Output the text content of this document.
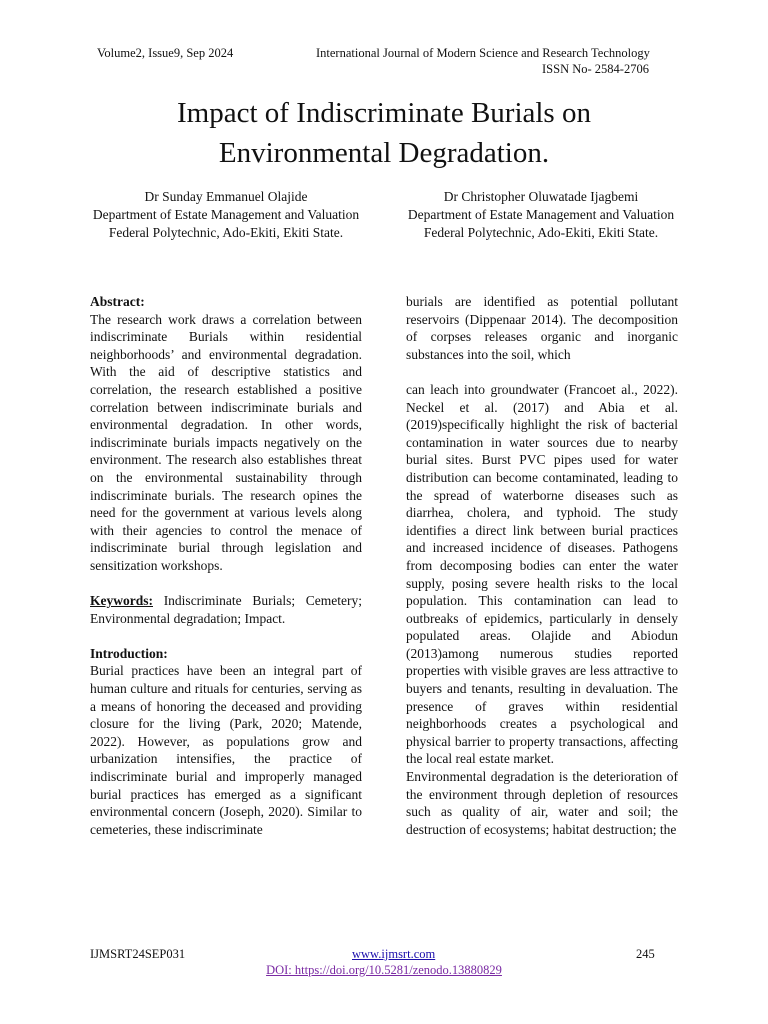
Volume2, Issue9, Sep 2024	International Journal of Modern Science and Research Technology
ISSN No- 2584-2706
Impact of Indiscriminate Burials on
Environmental Degradation.
Dr Sunday Emmanuel Olajide
Department of Estate Management and Valuation
Federal Polytechnic, Ado-Ekiti, Ekiti State.
Dr Christopher Oluwatade Ijagbemi
Department of Estate Management and Valuation
Federal Polytechnic, Ado-Ekiti, Ekiti State.

Abstract:

The research work draws a correlation between indiscriminate Burials within residential neighborhoods’ and environmental degradation. With the aid of descriptive statistics and correlation, the research established a positive correlation between indiscriminate burials and environmental degradation. In other words, indiscriminate burials impacts negatively on the environment. The research also establishes threat on the environmental sustainability through indiscriminate burials. The research opines the need for the government at various levels along with their agencies to control the menace of indiscriminate burial through legislation and sensitization workshops.

Keywords: Indiscriminate Burials; Cemetery; Environmental degradation; Impact.

Introduction:

Burial practices have been an integral part of human culture and rituals for centuries, serving as a means of honoring the deceased and providing closure for the living (Park, 2020; Matende, 2022). However, as populations grow and urbanization intensifies, the practice of indiscriminate burial and improperly managed burial practices has emerged as a significant environmental concern (Joseph, 2020). Similar to cemeteries, these indiscriminate

burials are identified as potential pollutant reservoirs (Dippenaar 2014). The decomposition of corpses releases organic and inorganic substances into the soil, which

can leach into groundwater (Francoet al., 2022). Neckel et al. (2017) and Abia et al. (2019)specifically highlight the risk of bacterial contamination in water sources due to nearby burial sites. Burst PVC pipes used for water distribution can become contaminated, leading to the spread of waterborne diseases such as diarrhea, cholera, and typhoid. The study identifies a direct link between burial practices and increased incidence of diseases. Pathogens from decomposing bodies can enter the water supply, posing severe health risks to the local population. This contamination can lead to outbreaks of epidemics, particularly in densely populated areas. Olajide and Abiodun (2013)among numerous studies reported properties with visible graves are less attractive to buyers and tenants, resulting in devaluation. The presence of graves within residential neighborhoods creates a psychological and physical barrier to property transactions, affecting the local real estate market.

Environmental degradation is the deterioration of the environment through depletion of resources such as quality of air, water and soil; the destruction of ecosystems; habitat destruction; the

IJMSRT24SEP031	www.ijmsrt.com	245
DOI: https://doi.org/10.5281/zenodo.13880829
